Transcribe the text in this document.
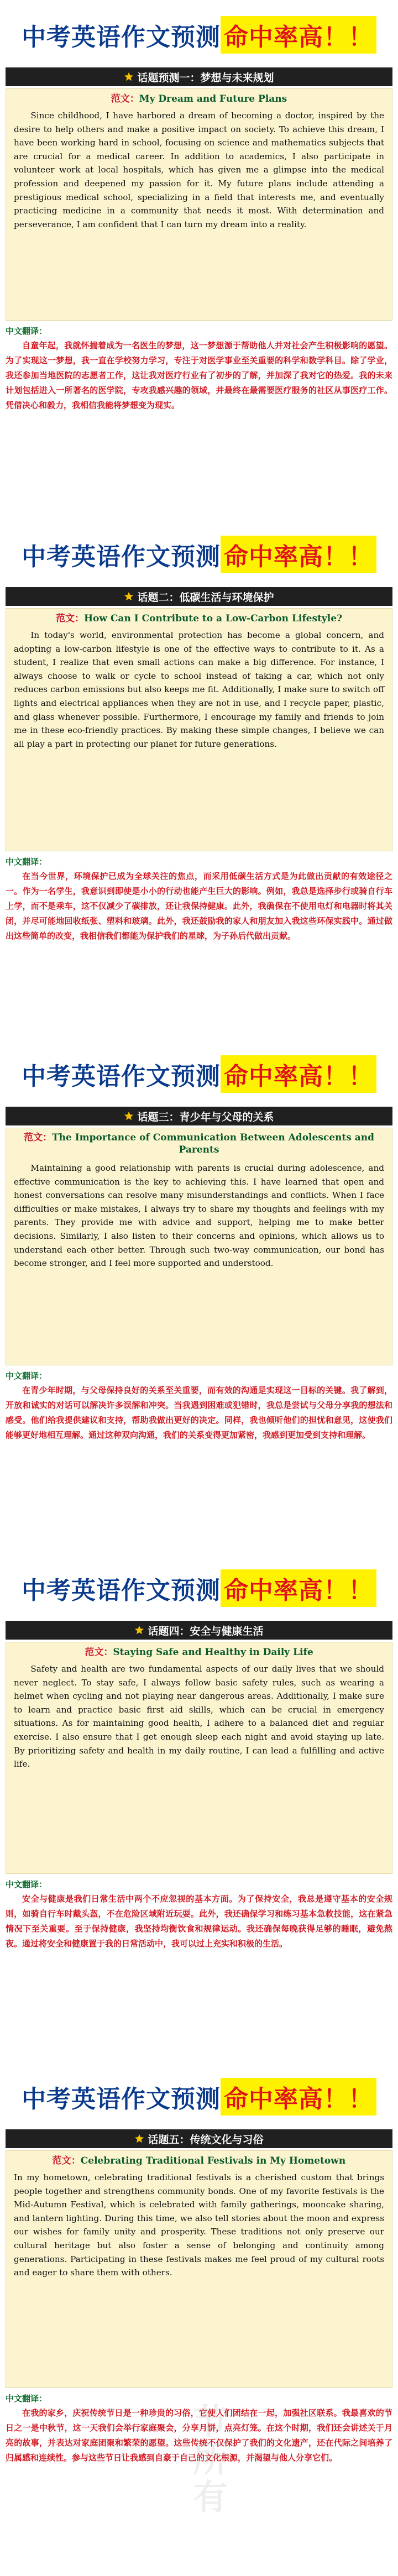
中考英语作文预测 命中率高！！
话题预测一：梦想与未来规划
范文：My Dream and Future Plans
Since childhood, I have harbored a dream of becoming a doctor, inspired by the desire to help others and make a positive impact on society. To achieve this dream, I have been working hard in school, focusing on science and mathematics subjects that are crucial for a medical career. In addition to academics, I also participate in volunteer work at local hospitals, which has given me a glimpse into the medical profession and deepened my passion for it. My future plans include attending a prestigious medical school, specializing in a field that interests me, and eventually practicing medicine in a community that needs it most. With determination and perseverance, I am confident that I can turn my dream into a reality.
中文翻译：
自童年起，我就怀揣着成为一名医生的梦想，这一梦想源于帮助他人并对社会产生积极影响的愿望。为了实现这一梦想，我一直在学校努力学习，专注于对医学事业至关重要的科学和数学科目。除了学业，我还参加当地医院的志愿者工作，这让我对医疗行业有了初步的了解，并加深了我对它的热爱。我的未来计划包括进入一所著名的医学院，专攻我感兴趣的领域，并最终在最需要医疗服务的社区从事医疗工作。凭借决心和毅力，我相信我能将梦想变为现实。
中考英语作文预测 命中率高！！
话题二：低碳生活与环境保护
范文：How Can I Contribute to a Low-Carbon Lifestyle?
In today's world, environmental protection has become a global concern, and adopting a low-carbon lifestyle is one of the effective ways to contribute to it. As a student, I realize that even small actions can make a big difference. For instance, I always choose to walk or cycle to school instead of taking a car, which not only reduces carbon emissions but also keeps me fit. Additionally, I make sure to switch off lights and electrical appliances when they are not in use, and I recycle paper, plastic, and glass whenever possible. Furthermore, I encourage my family and friends to join me in these eco-friendly practices. By making these simple changes, I believe we can all play a part in protecting our planet for future generations.
中文翻译：
在当今世界，环境保护已成为全球关注的焦点，而采用低碳生活方式是为此做出贡献的有效途径之一。作为一名学生，我意识到即使是小小的行动也能产生巨大的影响。例如，我总是选择步行或骑自行车上学，而不是乘车，这不仅减少了碳排放，还让我保持健康。此外，我确保在不使用电灯和电器时将其关闭，并尽可能地回收纸张、塑料和玻璃。此外，我还鼓励我的家人和朋友加入我这些环保实践中。通过做出这些简单的改变，我相信我们都能为保护我们的星球，为子孙后代做出贡献。
中考英语作文预测 命中率高！！
话题三：青少年与父母的关系
范文：The Importance of Communication Between Adolescents and Parents
Maintaining a good relationship with parents is crucial during adolescence, and effective communication is the key to achieving this. I have learned that open and honest conversations can resolve many misunderstandings and conflicts. When I face difficulties or make mistakes, I always try to share my thoughts and feelings with my parents. They provide me with advice and support, helping me to make better decisions. Similarly, I also listen to their concerns and opinions, which allows us to understand each other better. Through such two-way communication, our bond has become stronger, and I feel more supported and understood.
中文翻译：
在青少年时期，与父母保持良好的关系至关重要，而有效的沟通是实现这一目标的关键。我了解到，开放和诚实的对话可以解决许多误解和冲突。当我遇到困难或犯错时，我总是尝试与父母分享我的想法和感受。他们给我提供建议和支持，帮助我做出更好的决定。同样，我也倾听他们的担忧和意见，这使我们能够更好地相互理解。通过这种双向沟通，我们的关系变得更加紧密，我感到更加受到支持和理解。
中考英语作文预测 命中率高！！
话题四：安全与健康生活
范文：Staying Safe and Healthy in Daily Life
Safety and health are two fundamental aspects of our daily lives that we should never neglect. To stay safe, I always follow basic safety rules, such as wearing a helmet when cycling and not playing near dangerous areas. Additionally, I make sure to learn and practice basic first aid skills, which can be crucial in emergency situations. As for maintaining good health, I adhere to a balanced diet and regular exercise. I also ensure that I get enough sleep each night and avoid staying up late. By prioritizing safety and health in my daily routine, I can lead a fulfilling and active life.
中文翻译：
安全与健康是我们日常生活中两个不应忽视的基本方面。为了保持安全，我总是遵守基本的安全规则，如骑自行车时戴头盔，不在危险区域附近玩耍。此外，我还确保学习和练习基本急救技能，这在紧急情况下至关重要。至于保持健康，我坚持均衡饮食和规律运动。我还确保每晚获得足够的睡眠，避免熬夜。通过将安全和健康置于我的日常活动中，我可以过上充实和积极的生活。
中考英语作文预测 命中率高！！
话题五：传统文化与习俗
范文：Celebrating Traditional Festivals in My Hometown
In my hometown, celebrating traditional festivals is a cherished custom that brings people together and strengthens community bonds. One of my favorite festivals is the Mid-Autumn Festival, which is celebrated with family gatherings, mooncake sharing, and lantern lighting. During this time, we also tell stories about the moon and express our wishes for family unity and prosperity. These traditions not only preserve our cultural heritage but also foster a sense of belonging and continuity among generations. Participating in these festivals makes me feel proud of my cultural roots and eager to share them with others.
中文翻译：
在我的家乡，庆祝传统节日是一种珍贵的习俗，它使人们团结在一起，加强社区联系。我最喜欢的节日之一是中秋节，这一天我们会举行家庭聚会，分享月饼，点亮灯笼。在这个时期，我们还会讲述关于月亮的故事，并表达对家庭团聚和繁荣的愿望。这些传统不仅保护了我们的文化遗产，还在代际之间培养了归属感和连续性。参与这些节日让我感到自豪于自己的文化根源，并渴望与他人分享它们。
节所有
